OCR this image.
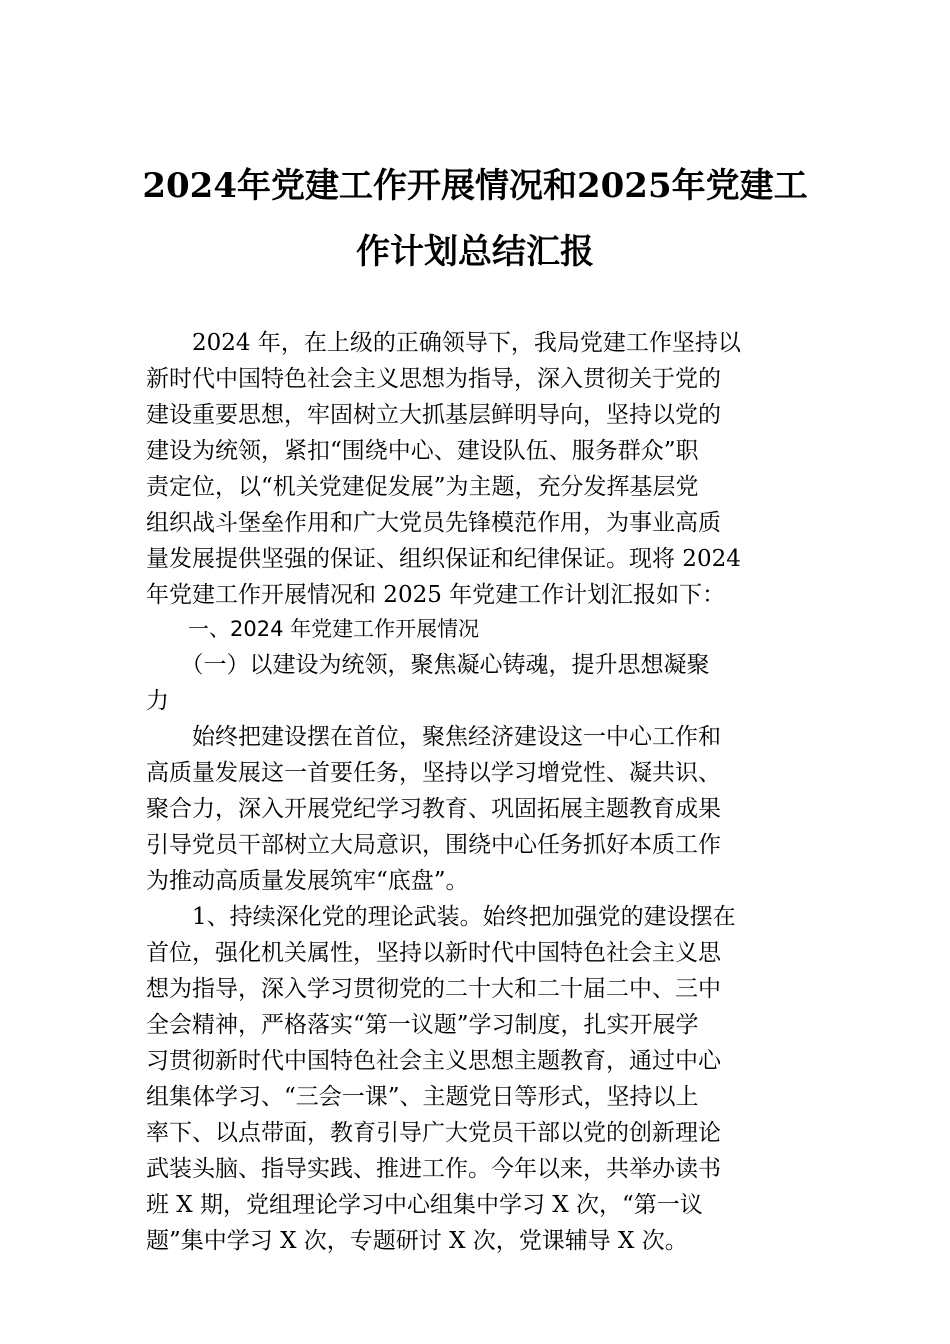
2024年党建工作开展情况和2025年党建工
作计划总结汇报
　　2024 年，在上级的正确领导下，我局党建工作坚持以
新时代中国特色社会主义思想为指导，深入贯彻关于党的
建设重要思想，牢固树立大抓基层鲜明导向，坚持以党的
建设为统领，紧扣“围绕中心、建设队伍、服务群众”职
责定位，以“机关党建促发展”为主题，充分发挥基层党
组织战斗堡垒作用和广大党员先锋模范作用，为事业高质
量发展提供坚强的保证、组织保证和纪律保证。现将 2024
年党建工作开展情况和 2025 年党建工作计划汇报如下：
　　一、2024 年党建工作开展情况
　　（一）以建设为统领，聚焦凝心铸魂，提升思想凝聚
力
　　始终把建设摆在首位，聚焦经济建设这一中心工作和
高质量发展这一首要任务，坚持以学习增党性、凝共识、
聚合力，深入开展党纪学习教育、巩固拓展主题教育成果
引导党员干部树立大局意识，围绕中心任务抓好本质工作
为推动高质量发展筑牢“底盘”。
　　1、持续深化党的理论武装。始终把加强党的建设摆在
首位，强化机关属性，坚持以新时代中国特色社会主义思
想为指导，深入学习贯彻党的二十大和二十届二中、三中
全会精神，严格落实“第一议题”学习制度，扎实开展学
习贯彻新时代中国特色社会主义思想主题教育，通过中心
组集体学习、“三会一课”、主题党日等形式，坚持以上
率下、以点带面，教育引导广大党员干部以党的创新理论
武装头脑、指导实践、推进工作。今年以来，共举办读书
班 X 期，党组理论学习中心组集中学习 X 次，“第一议
题”集中学习 X 次，专题研讨 X 次，党课辅导 X 次。
